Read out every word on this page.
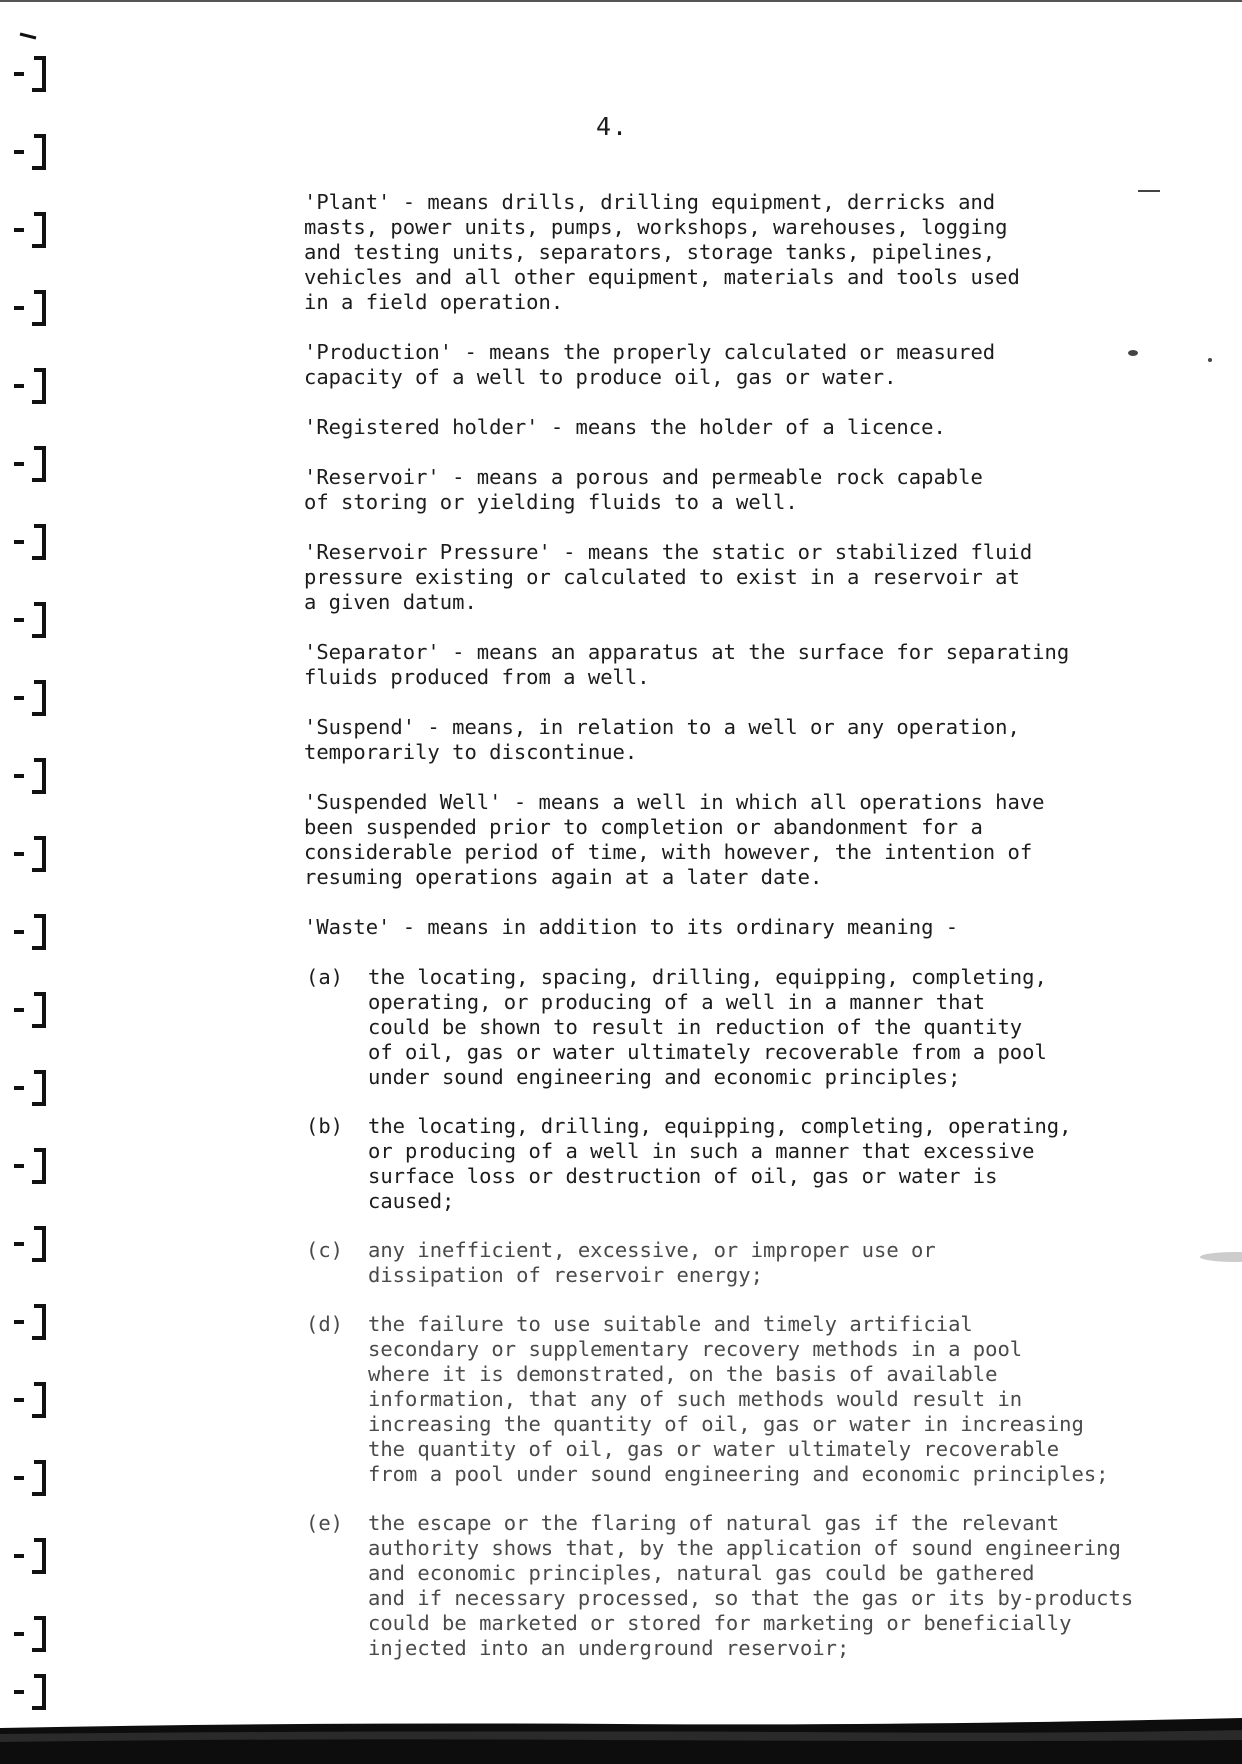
4.
'Plant' - means drills, drilling equipment, derricks and
masts, power units, pumps, workshops, warehouses, logging
and testing units, separators, storage tanks, pipelines,
vehicles and all other equipment, materials and tools used
in a field operation.
'Production' - means the properly calculated or measured
capacity of a well to produce oil, gas or water.
'Registered holder' - means the holder of a licence.
'Reservoir' - means a porous and permeable rock capable
of storing or yielding fluids to a well.
'Reservoir Pressure' - means the static or stabilized fluid
pressure existing or calculated to exist in a reservoir at
a given datum.
'Separator' - means an apparatus at the surface for separating
fluids produced from a well.
'Suspend' - means, in relation to a well or any operation,
temporarily to discontinue.
'Suspended Well' - means a well in which all operations have
been suspended prior to completion or abandonment for a
considerable period of time, with however, the intention of
resuming operations again at a later date.
'Waste' - means in addition to its ordinary meaning -
(a) the locating, spacing, drilling, equipping, completing,
operating, or producing of a well in a manner that
could be shown to result in reduction of the quantity
of oil, gas or water ultimately recoverable from a pool
under sound engineering and economic principles;
(b) the locating, drilling, equipping, completing, operating,
or producing of a well in such a manner that excessive
surface loss or destruction of oil, gas or water is
caused;
(c) any inefficient, excessive, or improper use or
dissipation of reservoir energy;
(d) the failure to use suitable and timely artificial
secondary or supplementary recovery methods in a pool
where it is demonstrated, on the basis of available
information, that any of such methods would result in
increasing the quantity of oil, gas or water in increasing
the quantity of oil, gas or water ultimately recoverable
from a pool under sound engineering and economic principles;
(e) the escape or the flaring of natural gas if the relevant
authority shows that, by the application of sound engineering
and economic principles, natural gas could be gathered
and if necessary processed, so that the gas or its by-products
could be marketed or stored for marketing or beneficially
injected into an underground reservoir;
